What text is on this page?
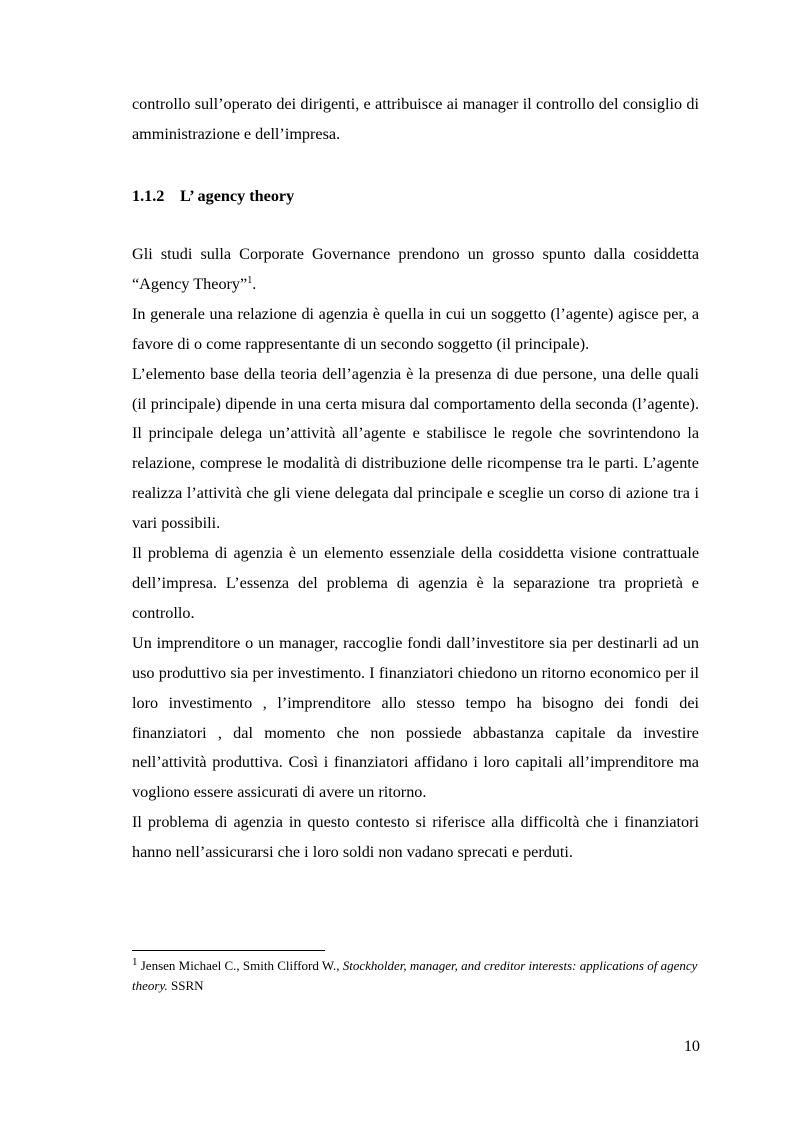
controllo sull’operato dei dirigenti, e attribuisce ai manager il controllo del consiglio di amministrazione e dell’impresa.
1.1.2 L’ agency theory

Gli studi sulla Corporate Governance prendono un grosso spunto dalla cosiddetta “Agency Theory”$^1$.

In generale una relazione di agenzia è quella in cui un soggetto (l’agente) agisce per, a favore di o come rappresentante di un secondo soggetto (il principale).

L’elemento base della teoria dell’agenzia è la presenza di due persone, una delle quali (il principale) dipende in una certa misura dal comportamento della seconda (l’agente). Il principale delega un’attività all’agente e stabilisce le regole che sovrintendono la relazione, comprese le modalità di distribuzione delle ricompense tra le parti. L’agente realizza l’attività che gli viene delegata dal principale e sceglie un corso di azione tra i vari possibili.

Il problema di agenzia è un elemento essenziale della cosiddetta visione contrattuale dell’impresa. L’essenza del problema di agenzia è la separazione tra proprietà e controllo.

Un imprenditore o un manager, raccoglie fondi dall’investitore sia per destinarli ad un uso produttivo sia per investimento. I finanziatori chiedono un ritorno economico per il loro investimento , l’imprenditore allo stesso tempo ha bisogno dei fondi dei finanziatori , dal momento che non possiede abbastanza capitale da investire nell’attività produttiva. Così i finanziatori affidano i loro capitali all’imprenditore ma vogliono essere assicurati di avere un ritorno.

Il problema di agenzia in questo contesto si riferisce alla difficoltà che i finanziatori hanno nell’assicurarsi che i loro soldi non vadano sprecati e perduti.

$^1$ Jensen Michael C., Smith Clifford W., Stockholder, manager, and creditor interests: applications of agency theory. SSRN
10
